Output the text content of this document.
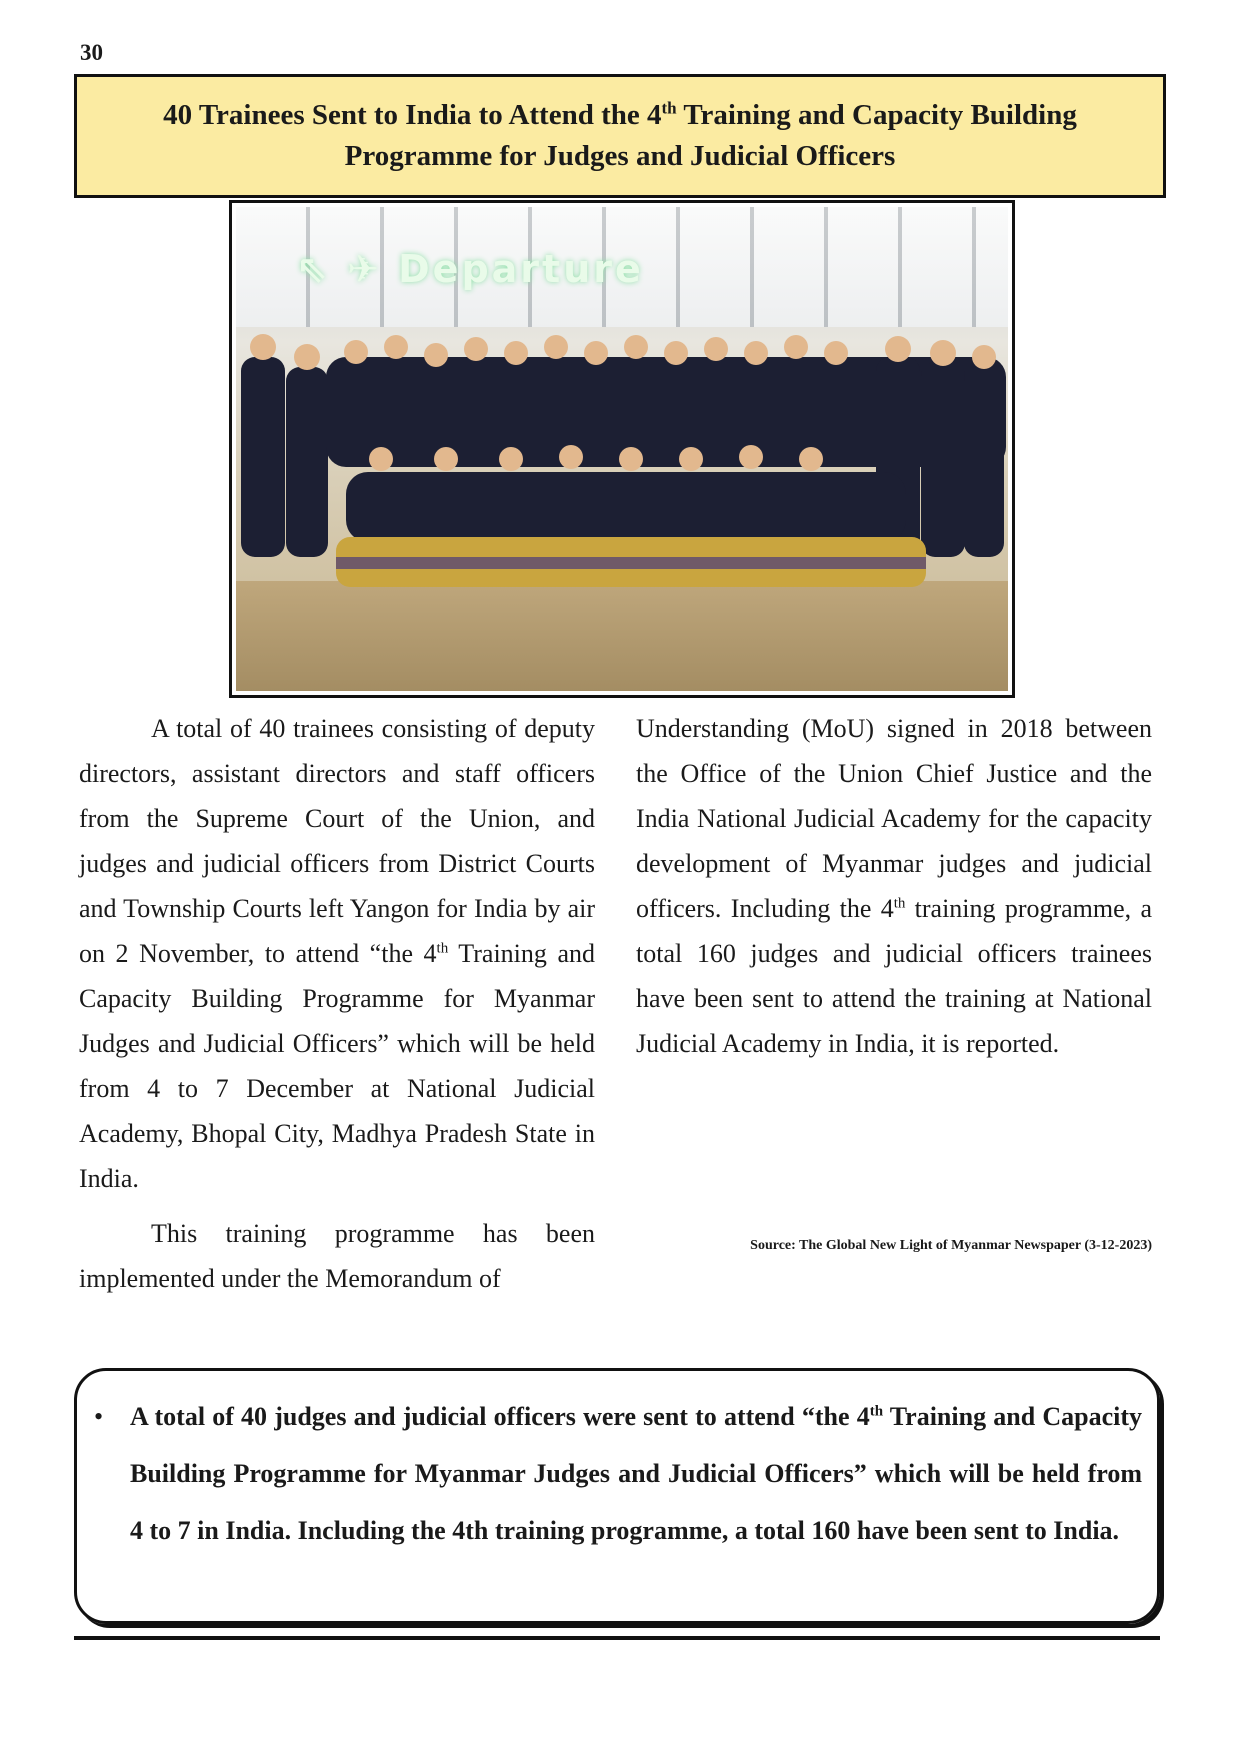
30
40 Trainees Sent to India to Attend the 4th Training and Capacity Building
Programme for Judges and Judicial Officers
⇖ ✈ Departure

A total of 40 trainees consisting of deputy directors, assistant directors and staff officers from the Supreme Court of the Union, and judges and judicial officers from District Courts and Township Courts left Yangon for India by air on 2 November, to attend “the 4th Training and Capacity Building Programme for Myanmar Judges and Judicial Officers” which will be held from 4 to 7 December at National Judicial Academy, Bhopal City, Madhya Pradesh State in India.

This training programme has been implemented under the Memorandum of

Understanding (MoU) signed in 2018 between the Office of the Union Chief Justice and the India National Judicial Academy for the capacity development of Myanmar judges and judicial officers. Including the 4th training programme, a total 160 judges and judicial officers trainees have been sent to attend the training at National Judicial Academy in India, it is reported.

Source: The Global New Light of Myanmar Newspaper (3-12-2023)
• A total of 40 judges and judicial officers were sent to attend “the 4th Training and Capacity Building Programme for Myanmar Judges and Judicial Officers” which will be held from 4 to 7 in India. Including the 4th training programme, a total 160 have been sent to India.
